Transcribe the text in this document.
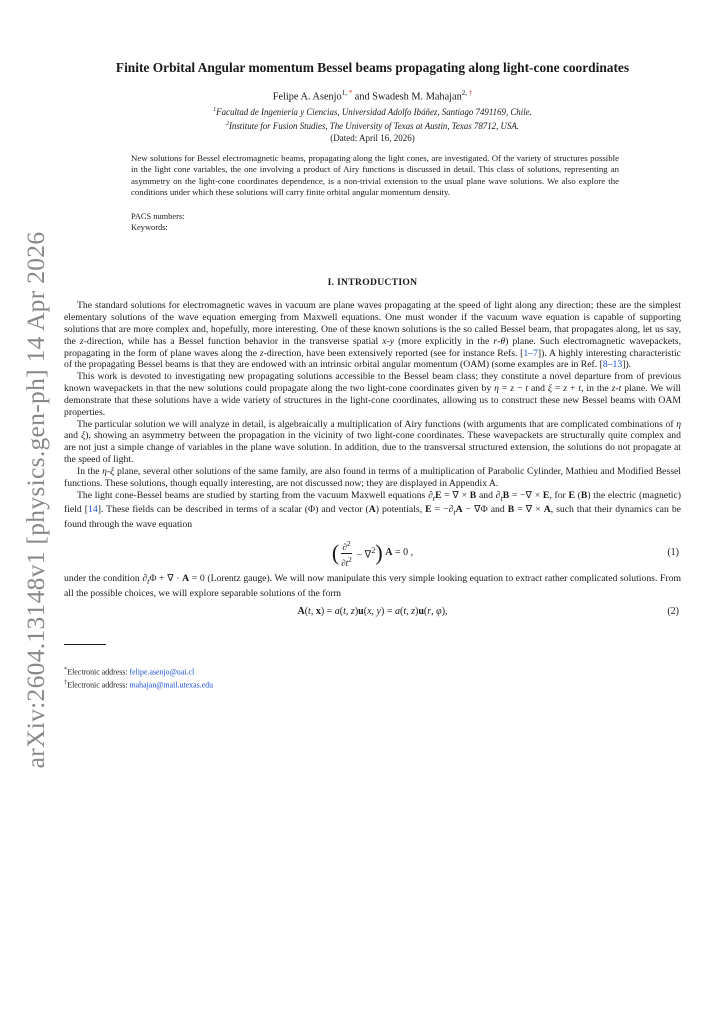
arXiv:2604.13148v1 [physics.gen-ph] 14 Apr 2026
Finite Orbital Angular momentum Bessel beams propagating along light-cone coordinates
Felipe A. Asenjo$^{1, *}$ and Swadesh M. Mahajan$^{2, \dagger}$
$^1$Facultad de Ingeniería y Ciencias, Universidad Adolfo Ibáñez, Santiago 7491169, Chile.
$^2$Institute for Fusion Studies, The University of Texas at Austin, Texas 78712, USA.
(Dated: April 16, 2026)
New solutions for Bessel electromagnetic beams, propagating along the light cones, are investigated. Of the variety of structures possible in the light cone variables, the one involving a product of Airy functions is discussed in detail. This class of solutions, representing an asymmetry on the light-cone coordinates dependence, is a non-trivial extension to the usual plane wave solutions. We also explore the conditions under which these solutions will carry finite orbital angular momentum density.
PACS numbers:
Keywords:
I. INTRODUCTION

The standard solutions for electromagnetic waves in vacuum are plane waves propagating at the speed of light along any direction; these are the simplest elementary solutions of the wave equation emerging from Maxwell equations. One must wonder if the vacuum wave equation is capable of supporting solutions that are more complex and, hopefully, more interesting. One of these known solutions is the so called Bessel beam, that propagates along, let us say, the z-direction, while has a Bessel function behavior in the transverse spatial x-y (more explicitly in the r-θ) plane. Such electromagnetic wavepackets, propagating in the form of plane waves along the z-direction, have been extensively reported (see for instance Refs. [1–7]). A highly interesting characteristic of the propagating Bessel beams is that they are endowed with an intrinsic orbital angular momentum (OAM) (some examples are in Ref. [8–13]).

This work is devoted to investigating new propagating solutions accessible to the Bessel beam class; they constitute a novel departure from of previous known wavepackets in that the new solutions could propagate along the two light-cone coordinates given by η = z − t and ξ = z + t, in the z-t plane. We will demonstrate that these solutions have a wide variety of structures in the light-cone coordinates, allowing us to construct these new Bessel beams with OAM properties.

The particular solution we will analyze in detail, is algebraically a multiplication of Airy functions (with arguments that are complicated combinations of η and ξ), showing an asymmetry between the propagation in the vicinity of two light-cone coordinates. These wavepackets are structurally quite complex and are not just a simple change of variables in the plane wave solution. In addition, due to the transversal structured extension, the solutions do not propagate at the speed of light.

In the η-ξ plane, several other solutions of the same family, are also found in terms of a multiplication of Parabolic Cylinder, Mathieu and Modified Bessel functions. These solutions, though equally interesting, are not discussed now; they are displayed in Appendix A.

The light cone-Bessel beams are studied by starting from the vacuum Maxwell equations $\partial_tE$ = ∇ × B and $\partial_tB$ = −∇ × E, for E (B) the electric (magnetic) field [14]. These fields can be described in terms of a scalar (Φ) and vector (A) potentials, $E = -\partial_tA - \nabla\Phi$ and B = ∇ × A, such that their dynamics can be found through the wave equation

( $\frac{\partial^2}{\partial t^2} - \nabla^2$ ) A = 0 ,	(1)

under the condition $\partial_t\Phi$ + ∇ · A = 0 (Lorentz gauge). We will now manipulate this very simple looking equation to extract rather complicated solutions. From all the possible choices, we will explore separable solutions of the form

A(t, x) = a(t, z)u(x, y) = a(t, z)u(r, φ),	(2)
*Electronic address: felipe.asenjo@uai.cl
†Electronic address: mahajan@mail.utexas.edu
